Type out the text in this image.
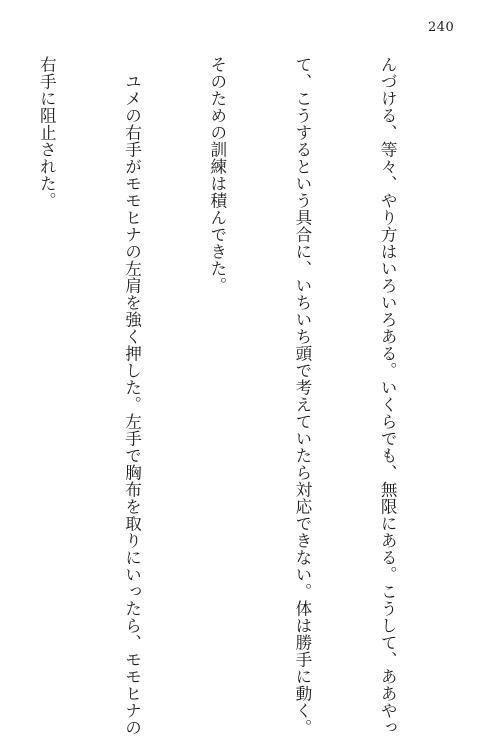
240

んづける、等々、やり方はいろいろある。いくらでも、無限にある。こうして、ああやっ

て、こうするという具合に、いちいち頭で考えていたら対応できない。体は勝手に動く。

そのための訓練は積んできた。

　ユメの右手がモモヒナの左肩を強く押した。左手で胸布を取りにいったら、モモヒナの

右手に阻止された。
